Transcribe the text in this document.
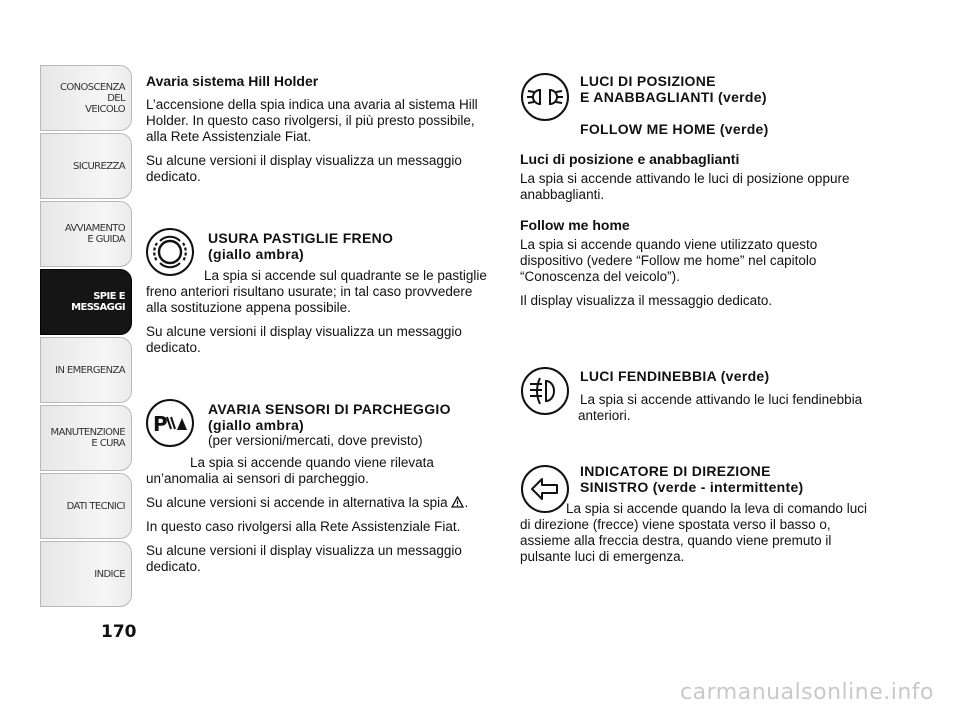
CONOSCENZA
DEL
VEICOLO
SICUREZZA
AVVIAMENTO
E GUIDA
SPIE E
MESSAGGI
IN EMERGENZA
MANUTENZIONE
E CURA
DATI TECNICI
INDICE
170

Avaria sistema Hill Holder

L’accensione della spia indica una avaria al sistema Hill Holder. In questo caso rivolgersi, il più presto possibile, alla Rete Assistenziale Fiat.

Su alcune versioni il display visualizza un messaggio dedicato.

USURA PASTIGLIE FRENO
(giallo ambra)

La spia si accende sul quadrante se le pastiglie freno anteriori risultano usurate; in tal caso provvedere alla sostituzione appena possibile.

Su alcune versioni il display visualizza un messaggio dedicato.

P
AVARIA SENSORI DI PARCHEGGIO
(giallo ambra)
(per versioni/mercati, dove previsto)

La spia si accende quando viene rilevata un’anomalia ai sensori di parcheggio.

Su alcune versioni si accende in alternativa la spia .

In questo caso rivolgersi alla Rete Assistenziale Fiat.

Su alcune versioni il display visualizza un messaggio dedicato.

LUCI DI POSIZIONE
E ANABBAGLIANTI (verde)
FOLLOW ME HOME (verde)

Luci di posizione e anabbaglianti

La spia si accende attivando le luci di posizione oppure anabbaglianti.

Follow me home

La spia si accende quando viene utilizzato questo dispositivo (vedere “Follow me home” nel capitolo “Conoscenza del veicolo”).

Il display visualizza il messaggio dedicato.

LUCI FENDINEBBIA (verde)

La spia si accende attivando le luci fendinebbia anteriori.

INDICATORE DI DIREZIONE
SINISTRO (verde - intermittente)

La spia si accende quando la leva di comando luci di direzione (frecce) viene spostata verso il basso o, assieme alla freccia destra, quando viene premuto il pulsante luci di emergenza.

carmanualsonline.info
